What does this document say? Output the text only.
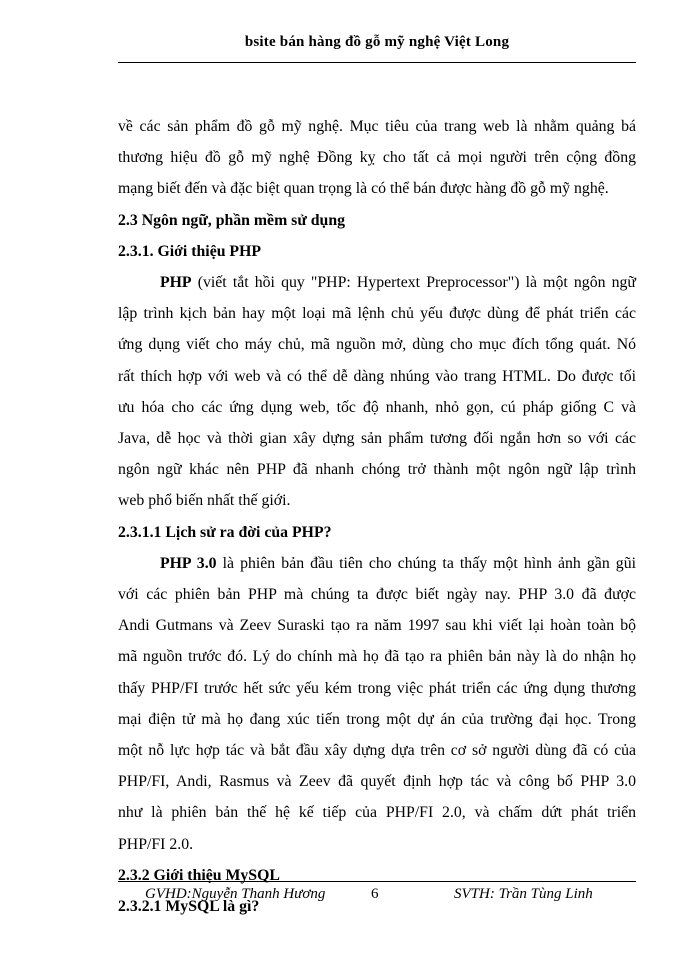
bsite bán hàng đồ gỗ mỹ nghệ Việt Long

về các sản phẩm đồ gỗ mỹ nghệ. Mục tiêu của trang web là nhằm quảng bá

thương hiệu đồ gỗ mỹ nghệ Đồng kỵ cho tất cả mọi người trên cộng đồng

mạng biết đến và đặc biệt quan trọng là có thể bán được hàng đồ gỗ mỹ nghệ.

2.3 Ngôn ngữ, phần mềm sử dụng

2.3.1. Giới thiệu PHP

PHP (viết tắt hồi quy "PHP: Hypertext Preprocessor") là một ngôn ngữ

lập trình kịch bản hay một loại mã lệnh chủ yếu được dùng để phát triển các

ứng dụng viết cho máy chủ, mã nguồn mở, dùng cho mục đích tổng quát. Nó

rất thích hợp với web và có thể dễ dàng nhúng vào trang HTML. Do được tối

ưu hóa cho các ứng dụng web, tốc độ nhanh, nhỏ gọn, cú pháp giống C và

Java, dễ học và thời gian xây dựng sản phẩm tương đối ngắn hơn so với các

ngôn ngữ khác nên PHP đã nhanh chóng trở thành một ngôn ngữ lập trình

web phổ biến nhất thế giới.

2.3.1.1 Lịch sử ra đời của PHP?

PHP 3.0 là phiên bản đầu tiên cho chúng ta thấy một hình ảnh gần gũi

với các phiên bản PHP mà chúng ta được biết ngày nay. PHP 3.0 đã được

Andi Gutmans và Zeev Suraski tạo ra năm 1997 sau khi viết lại hoàn toàn bộ

mã nguồn trước đó. Lý do chính mà họ đã tạo ra phiên bản này là do nhận họ

thấy PHP/FI trước hết sức yếu kém trong việc phát triển các ứng dụng thương

mại điện tử mà họ đang xúc tiến trong một dự án của trường đại học. Trong

một nỗ lực hợp tác và bắt đầu xây dựng dựa trên cơ sở người dùng đã có của

PHP/FI, Andi, Rasmus và Zeev đã quyết định hợp tác và công bố PHP 3.0

như là phiên bản thế hệ kế tiếp của PHP/FI 2.0, và chấm dứt phát triển

PHP/FI 2.0.

2.3.2 Giới thiệu MySQL

2.3.2.1 MySQL là gì?

GVHD:Nguyễn Thanh Hương	6	SVTH: Trần Tùng Linh
